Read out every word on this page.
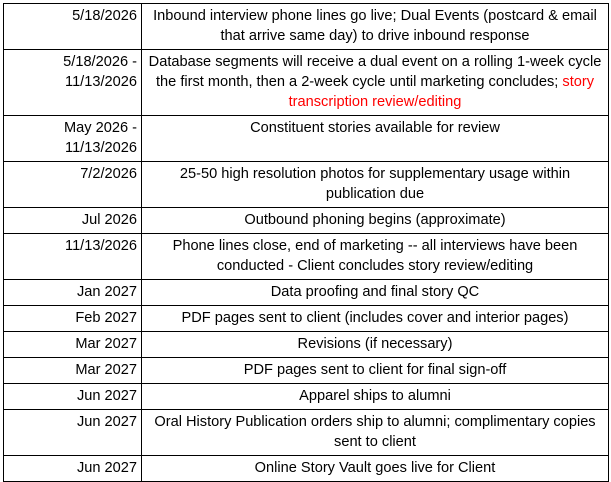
5/18/2026	Inbound interview phone lines go live; Dual Events (postcard & email that arrive same day) to drive inbound response
5/18/2026 - 11/13/2026	Database segments will receive a dual event on a rolling 1-week cycle the first month, then a 2-week cycle until marketing concludes; story transcription review/editing
May 2026 - 11/13/2026	Constituent stories available for review
7/2/2026	25-50 high resolution photos for supplementary usage within publication due
Jul 2026	Outbound phoning begins (approximate)
11/13/2026	Phone lines close, end of marketing -- all interviews have been conducted - Client concludes story review/editing
Jan 2027	Data proofing and final story QC
Feb 2027	PDF pages sent to client (includes cover and interior pages)
Mar 2027	Revisions (if necessary)
Mar 2027	PDF pages sent to client for final sign-off
Jun 2027	Apparel ships to alumni
Jun 2027	Oral History Publication orders ship to alumni; complimentary copies sent to client
Jun 2027	Online Story Vault goes live for Client
